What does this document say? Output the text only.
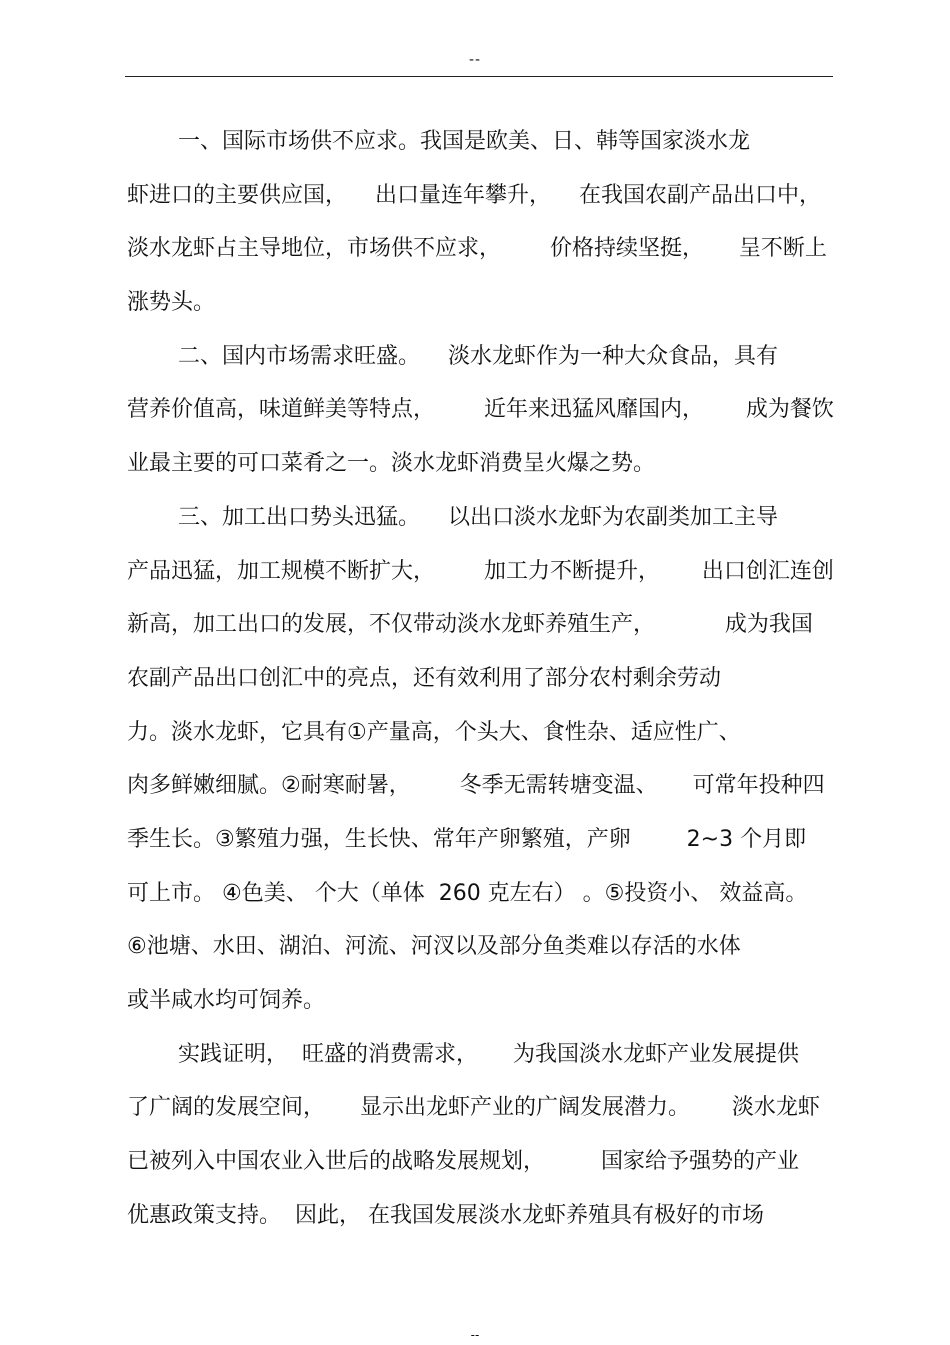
--
一、国际市场供不应求。我国是欧美、日、韩等国家淡水龙
虾进口的主要供应国，    出口量连年攀升，    在我国农副产品出口中，
淡水龙虾占主导地位，市场供不应求，       价格持续坚挺，     呈不断上
涨势头。
二、国内市场需求旺盛。    淡水龙虾作为一种大众食品，具有
营养价值高，味道鲜美等特点，       近年来迅猛风靡国内，      成为餐饮
业最主要的可口菜肴之一。淡水龙虾消费呈火爆之势。
三、加工出口势头迅猛。    以出口淡水龙虾为农副类加工主导
产品迅猛，加工规模不断扩大，       加工力不断提升，      出口创汇连创
新高，加工出口的发展，不仅带动淡水龙虾养殖生产，          成为我国
农副产品出口创汇中的亮点，还有效利用了部分农村剩余劳动
力。淡水龙虾，它具有①产量高，个头大、食性杂、适应性广、
肉多鲜嫩细腻。②耐寒耐暑，       冬季无需转塘变温、     可常年投种四
季生长。③繁殖力强，生长快、常年产卵繁殖，产卵        2~3 个月即
可上市。 ④色美、 个大（单体  260 克左右） 。⑤投资小、 效益高。
⑥池塘、水田、湖泊、河流、河汊以及部分鱼类难以存活的水体
或半咸水均可饲养。
实践证明，  旺盛的消费需求，     为我国淡水龙虾产业发展提供
了广阔的发展空间，     显示出龙虾产业的广阔发展潜力。      淡水龙虾
已被列入中国农业入世后的战略发展规划，        国家给予强势的产业
优惠政策支持。  因此， 在我国发展淡水龙虾养殖具有极好的市场
--
